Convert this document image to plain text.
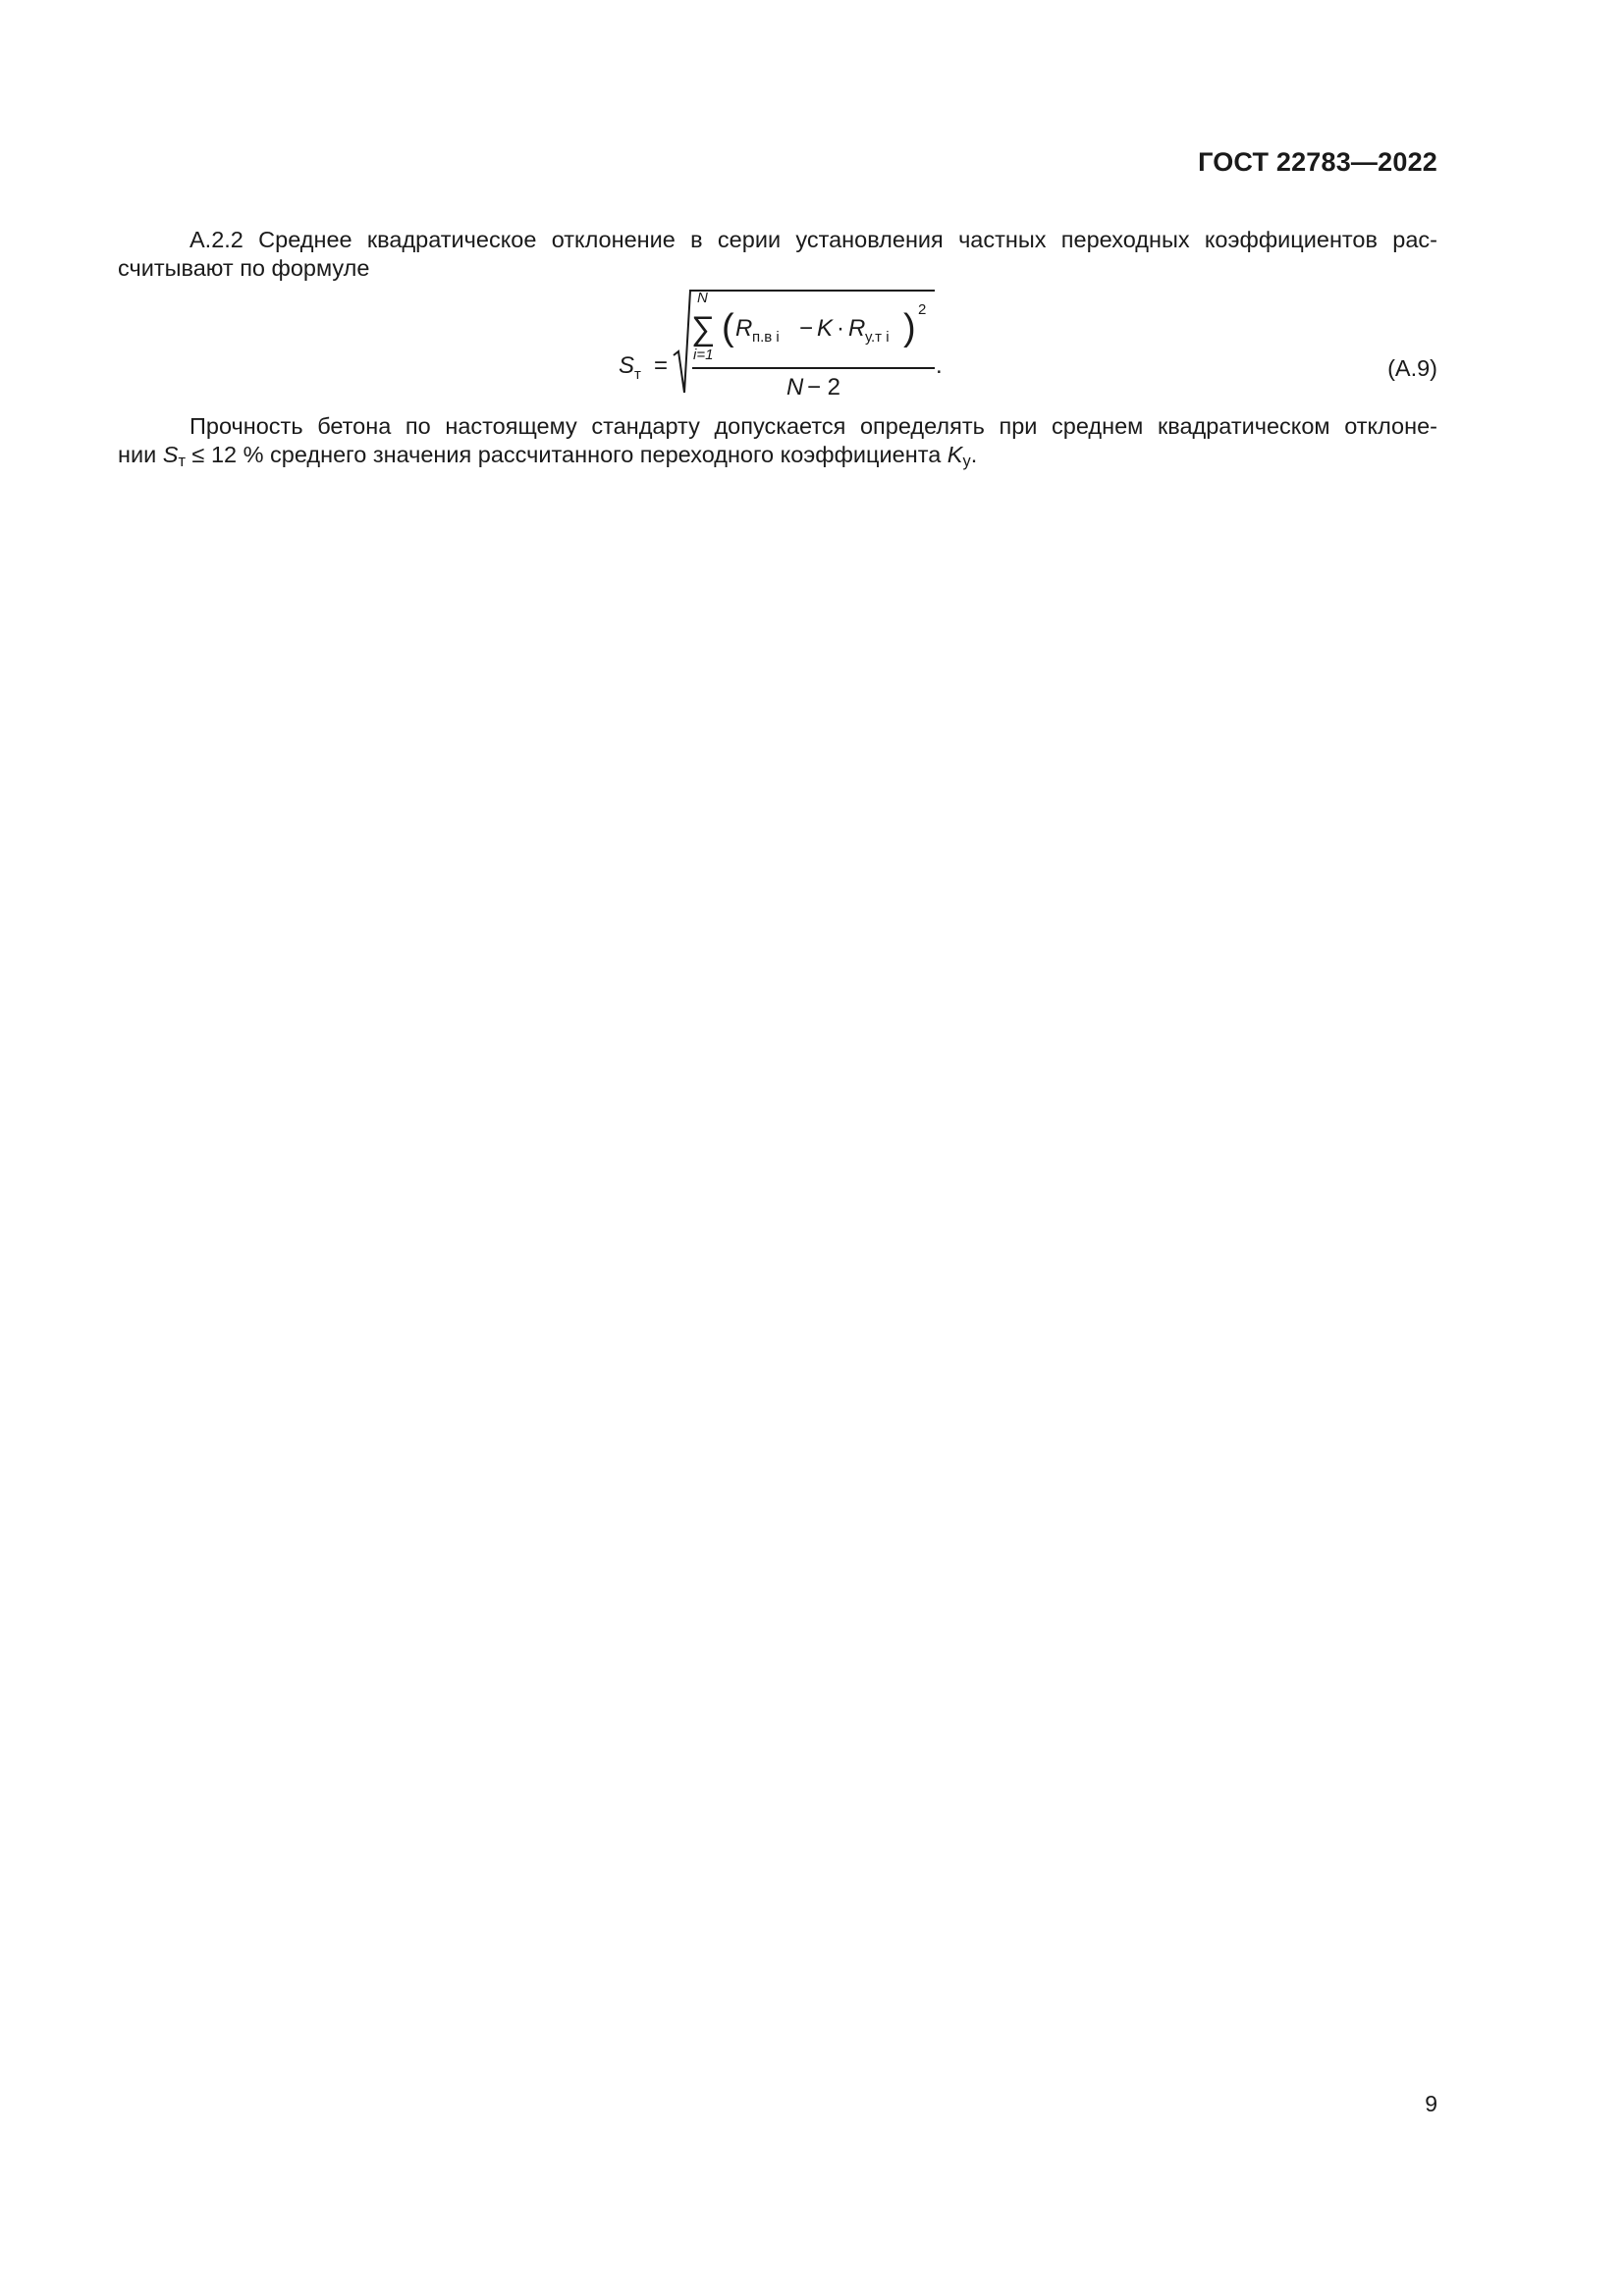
ГОСТ 22783—2022
А.2.2 Среднее квадратическое отклонение в серии установления частных переходных коэффициентов рас-
считывают по формуле
S т =
N
∑
i=1
( R п.в i − K · R у.т i ) 2
N − 2
.	(А.9)
Прочность бетона по настоящему стандарту допускается определять при среднем квадратическом отклоне-
нии $S_т \le 12$ % среднего значения рассчитанного переходного коэффициента $K_у$.
9
